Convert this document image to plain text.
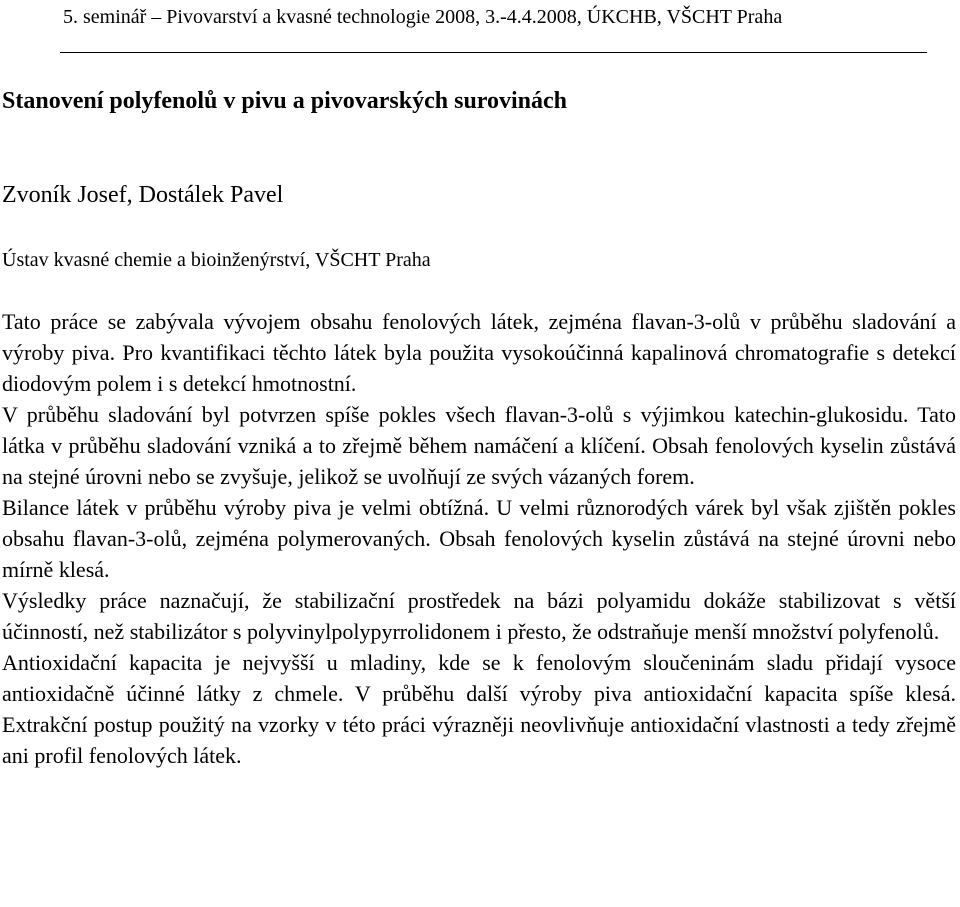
5. seminář – Pivovarství a kvasné technologie 2008, 3.-4.4.2008, ÚKCHB, VŠCHT Praha
Stanovení polyfenolů v pivu a pivovarských surovinách
Zvoník Josef, Dostálek Pavel
Ústav kvasné chemie a bioinženýrství, VŠCHT Praha

Tato práce se zabývala vývojem obsahu fenolových látek, zejména flavan-3-olů v průběhu sladování a výroby piva. Pro kvantifikaci těchto látek byla použita vysokoúčinná kapalinová chromatografie s detekcí diodovým polem i s detekcí hmotnostní.

V průběhu sladování byl potvrzen spíše pokles všech flavan-3-olů s výjimkou katechin-glukosidu. Tato látka v průběhu sladování vzniká a to zřejmě během namáčení a klíčení. Obsah fenolových kyselin zůstává na stejné úrovni nebo se zvyšuje, jelikož se uvolňují ze svých vázaných forem.

Bilance látek v průběhu výroby piva je velmi obtížná. U velmi různorodých várek byl však zjištěn pokles obsahu flavan-3-olů, zejména polymerovaných. Obsah fenolových kyselin zůstává na stejné úrovni nebo mírně klesá.

Výsledky práce naznačují, že stabilizační prostředek na bázi polyamidu dokáže stabilizovat s větší účinností, než stabilizátor s polyvinylpolypyrrolidonem i přesto, že odstraňuje menší množství polyfenolů.

Antioxidační kapacita je nejvyšší u mladiny, kde se k fenolovým sloučeninám sladu přidají vysoce antioxidačně účinné látky z chmele. V průběhu další výroby piva antioxidační kapacita spíše klesá. Extrakční postup použitý na vzorky v této práci výrazněji neovlivňuje antioxidační vlastnosti a tedy zřejmě ani profil fenolových látek.
